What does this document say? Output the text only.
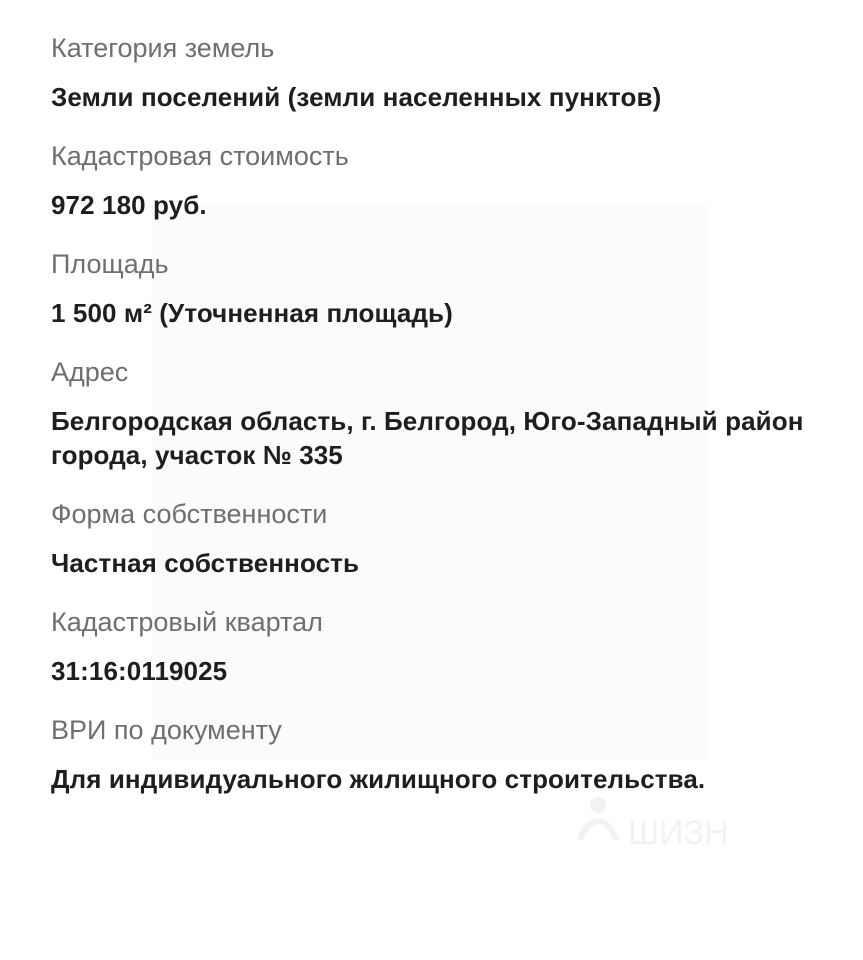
Категория земель
Земли поселений (земли населенных пунктов)
Кадастровая стоимость
972 180 руб.
Площадь
1 500 м² (Уточненная площадь)
Адрес
Белгородская область, г. Белгород, Юго-Западный район города, участок № 335
Форма собственности
Частная собственность
Кадастровый квартал
31:16:0119025
ВРИ по документу
Для индивидуального жилищного строительства.
ШИЗН
